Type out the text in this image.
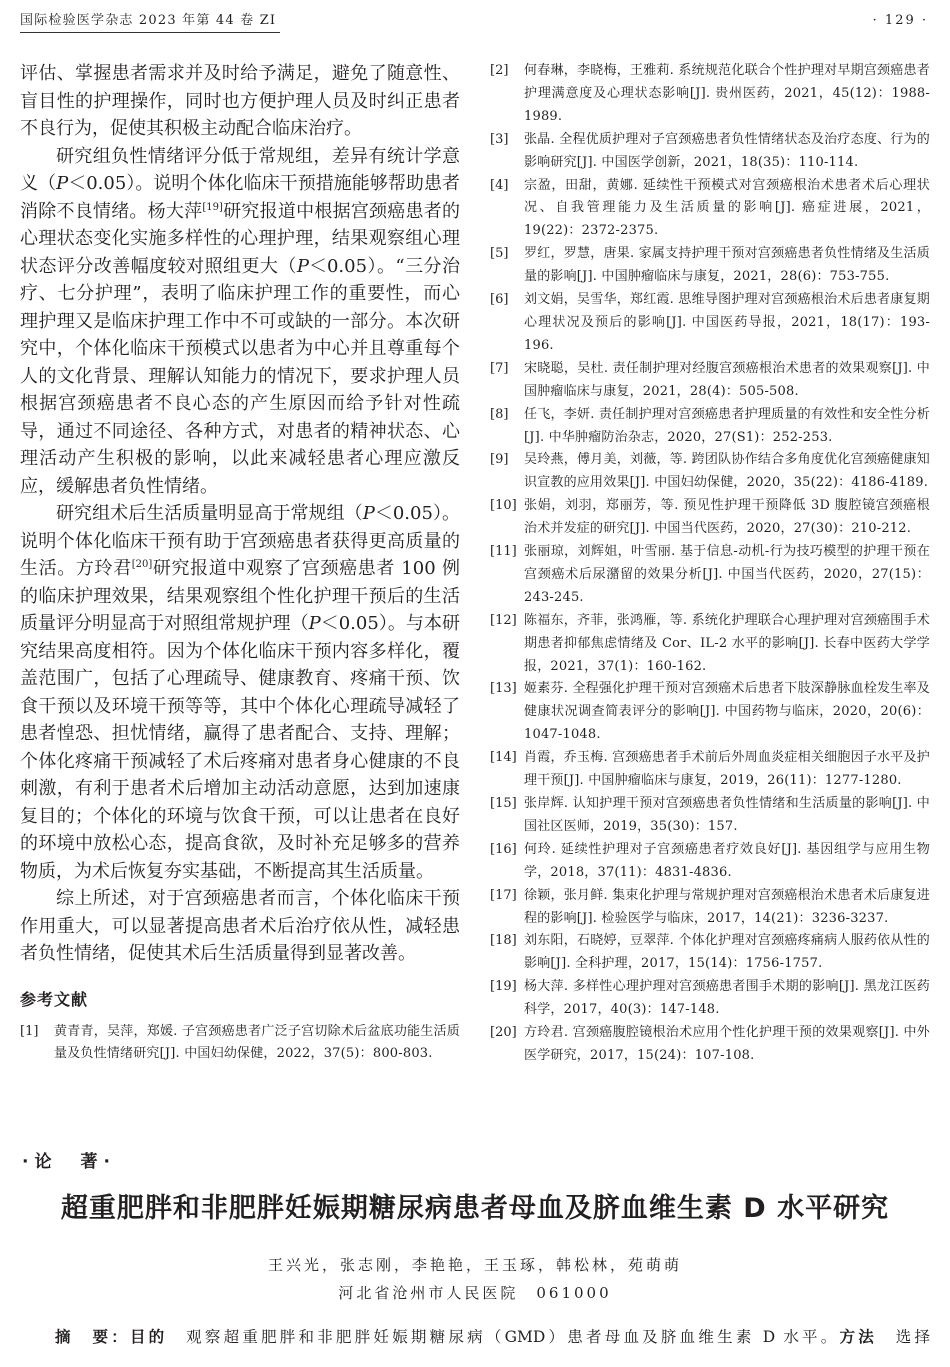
国际检验医学杂志 2023 年第 44 卷 ZⅠ	· 129 ·

评估、掌握患者需求并及时给予满足，避免了随意性、盲目性的护理操作，同时也方便护理人员及时纠正患者不良行为，促使其积极主动配合临床治疗。

研究组负性情绪评分低于常规组，差异有统计学意义（P＜0.05）。说明个体化临床干预措施能够帮助患者消除不良情绪。杨大萍[19]研究报道中根据宫颈癌患者的心理状态变化实施多样性的心理护理，结果观察组心理状态评分改善幅度较对照组更大（P＜0.05）。“三分治疗、七分护理”，表明了临床护理工作的重要性，而心理护理又是临床护理工作中不可或缺的一部分。本次研究中，个体化临床干预模式以患者为中心并且尊重每个人的文化背景、理解认知能力的情况下，要求护理人员根据宫颈癌患者不良心态的产生原因而给予针对性疏导，通过不同途径、各种方式，对患者的精神状态、心理活动产生积极的影响，以此来减轻患者心理应激反应，缓解患者负性情绪。

研究组术后生活质量明显高于常规组（P＜0.05）。说明个体化临床干预有助于宫颈癌患者获得更高质量的生活。方玲君[20]研究报道中观察了宫颈癌患者 100 例的临床护理效果，结果观察组个性化护理干预后的生活质量评分明显高于对照组常规护理（P＜0.05）。与本研究结果高度相符。因为个体化临床干预内容多样化，覆盖范围广，包括了心理疏导、健康教育、疼痛干预、饮食干预以及环境干预等等，其中个体化心理疏导减轻了患者惶恐、担忧情绪，赢得了患者配合、支持、理解；个体化疼痛干预减轻了术后疼痛对患者身心健康的不良刺激，有利于患者术后增加主动活动意愿，达到加速康复目的；个体化的环境与饮食干预，可以让患者在良好的环境中放松心态，提高食欲，及时补充足够多的营养物质，为术后恢复夯实基础，不断提高其生活质量。

综上所述，对于宫颈癌患者而言，个体化临床干预作用重大，可以显著提高患者术后治疗依从性，减轻患者负性情绪，促使其术后生活质量得到显著改善。

参考文献
[1]	黄青青，吴萍，郑媛. 子宫颈癌患者广泛子宫切除术后盆底功能生活质量及负性情绪研究[J]. 中国妇幼保健，2022，37(5)：800-803.
[2]	何春琳，李晓梅，王雅莉. 系统规范化联合个性护理对早期宫颈癌患者护理满意度及心理状态影响[J]. 贵州医药，2021，45(12)：1988-1989.
[3]	张晶. 全程优质护理对子宫颈癌患者负性情绪状态及治疗态度、行为的影响研究[J]. 中国医学创新，2021，18(35)：110-114.
[4]	宗盈，田甜，黄娜. 延续性干预模式对宫颈癌根治术患者术后心理状况、自我管理能力及生活质量的影响[J]. 癌症进展，2021，19(22)：2372-2375.
[5]	罗红，罗慧，唐果. 家属支持护理干预对宫颈癌患者负性情绪及生活质量的影响[J]. 中国肿瘤临床与康复，2021，28(6)：753-755.
[6]	刘文娟，吴雪华，郑红霞. 思维导图护理对宫颈癌根治术后患者康复期心理状况及预后的影响[J]. 中国医药导报，2021，18(17)：193-196.
[7]	宋晓聪，吴杜. 责任制护理对经腹宫颈癌根治术患者的效果观察[J]. 中国肿瘤临床与康复，2021，28(4)：505-508.
[8]	任飞，李妍. 责任制护理对宫颈癌患者护理质量的有效性和安全性分析[J]. 中华肿瘤防治杂志，2020，27(S1)：252-253.
[9]	吴玲燕，傅月美，刘薇，等. 跨团队协作结合多角度优化宫颈癌健康知识宣教的应用效果[J]. 中国妇幼保健，2020，35(22)：4186-4189.
[10] 张娟，刘羽，郑丽芳，等. 预见性护理干预降低 3D 腹腔镜宫颈癌根治术并发症的研究[J]. 中国当代医药，2020，27(30)：210-212.
[11] 张丽琼，刘辉姐，叶雪丽. 基于信息-动机-行为技巧模型的护理干预在宫颈癌术后尿潴留的效果分析[J]. 中国当代医药，2020，27(15)：243-245.
[12] 陈福东，齐菲，张鸿雁，等. 系统化护理联合心理护理对宫颈癌围手术期患者抑郁焦虑情绪及 Cor、IL-2 水平的影响[J]. 长春中医药大学学报，2021，37(1)：160-162.
[13] 姬素芬. 全程强化护理干预对宫颈癌术后患者下肢深静脉血栓发生率及健康状况调查简表评分的影响[J]. 中国药物与临床，2020，20(6)：1047-1048.
[14] 肖霞，乔玉梅. 宫颈癌患者手术前后外周血炎症相关细胞因子水平及护理干预[J]. 中国肿瘤临床与康复，2019，26(11)：1277-1280.
[15] 张岸辉. 认知护理干预对宫颈癌患者负性情绪和生活质量的影响[J]. 中国社区医师，2019，35(30)：157.
[16] 何玲. 延续性护理对子宫颈癌患者疗效良好[J]. 基因组学与应用生物学，2018，37(11)：4831-4836.
[17] 徐颖，张月鲜. 集束化护理与常规护理对宫颈癌根治术患者术后康复进程的影响[J]. 检验医学与临床，2017，14(21)：3236-3237.
[18] 刘东阳，石晓婷，豆翠萍. 个体化护理对宫颈癌疼痛病人服药依从性的影响[J]. 全科护理，2017，15(14)：1756-1757.
[19] 杨大萍. 多样性心理护理对宫颈癌患者围手术期的影响[J]. 黑龙江医药科学，2017，40(3)：147-148.
[20] 方玲君. 宫颈癌腹腔镜根治术应用个性化护理干预的效果观察[J]. 中外医学研究，2017，15(24)：107-108.
·论　著·
超重肥胖和非肥胖妊娠期糖尿病患者母血及脐血维生素 D 水平研究
王兴光，张志刚，李艳艳，王玉琢，韩松林，苑萌萌
河北省沧州市人民医院　061000
摘　要：目的　观察超重肥胖和非肥胖妊娠期糖尿病（GMD）患者母血及脐血维生素 D 水平。方法　选择
